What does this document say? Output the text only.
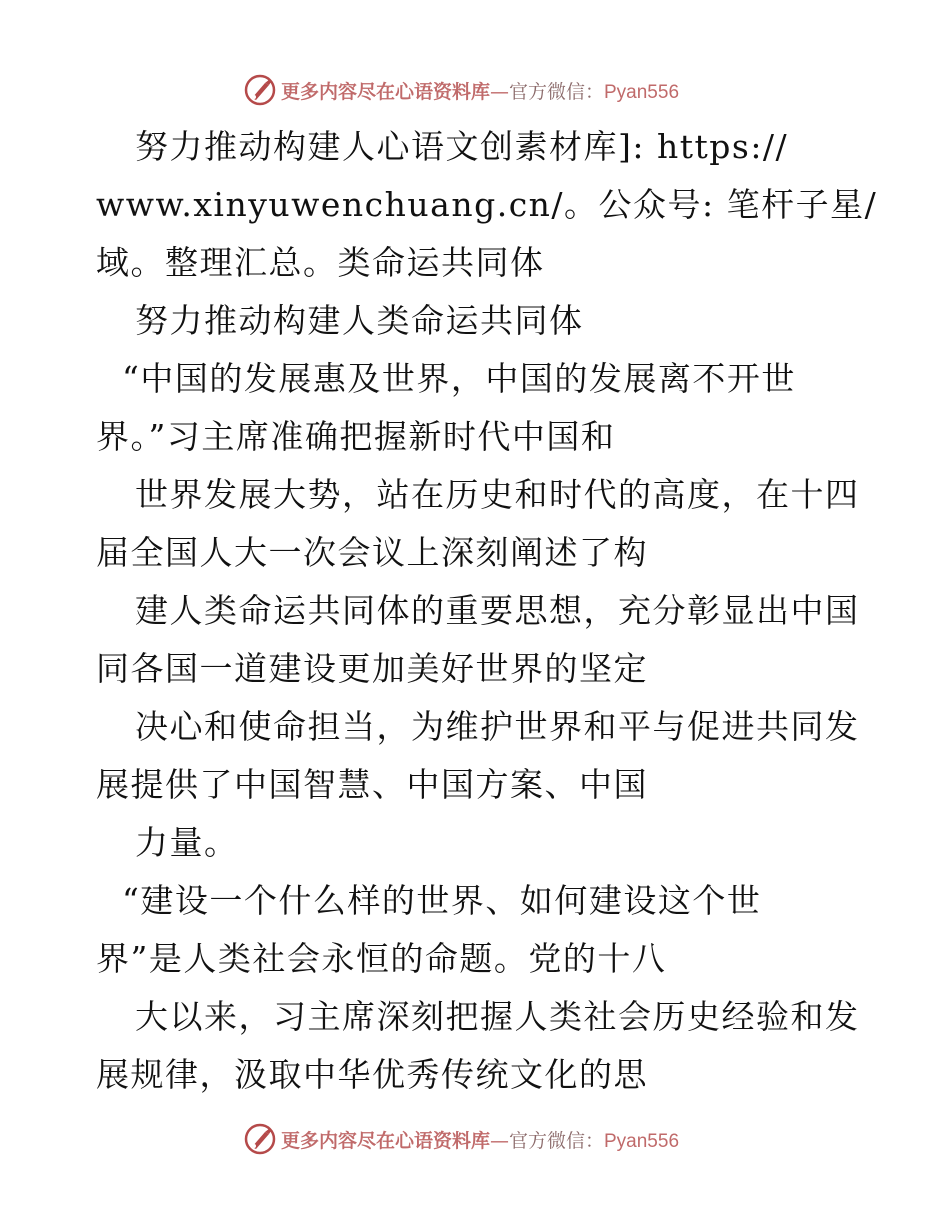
更多内容尽在心语资料库—官方微信：Pyan556
努力推动构建人心语文创素材库]: https://
www.xinyuwenchuang.cn/。公众号: 笔杆子星/
域。整理汇总。类命运共同体
努力推动构建人类命运共同体
“中国的发展惠及世界，中国的发展离不开世
界。”习主席准确把握新时代中国和
世界发展大势，站在历史和时代的高度，在十四
届全国人大一次会议上深刻阐述了构
建人类命运共同体的重要思想，充分彰显出中国
同各国一道建设更加美好世界的坚定
决心和使命担当，为维护世界和平与促进共同发
展提供了中国智慧、中国方案、中国
力量。
“建设一个什么样的世界、如何建设这个世
界”是人类社会永恒的命题。党的十八
大以来，习主席深刻把握人类社会历史经验和发
展规律，汲取中华优秀传统文化的思
更多内容尽在心语资料库—官方微信：Pyan556
